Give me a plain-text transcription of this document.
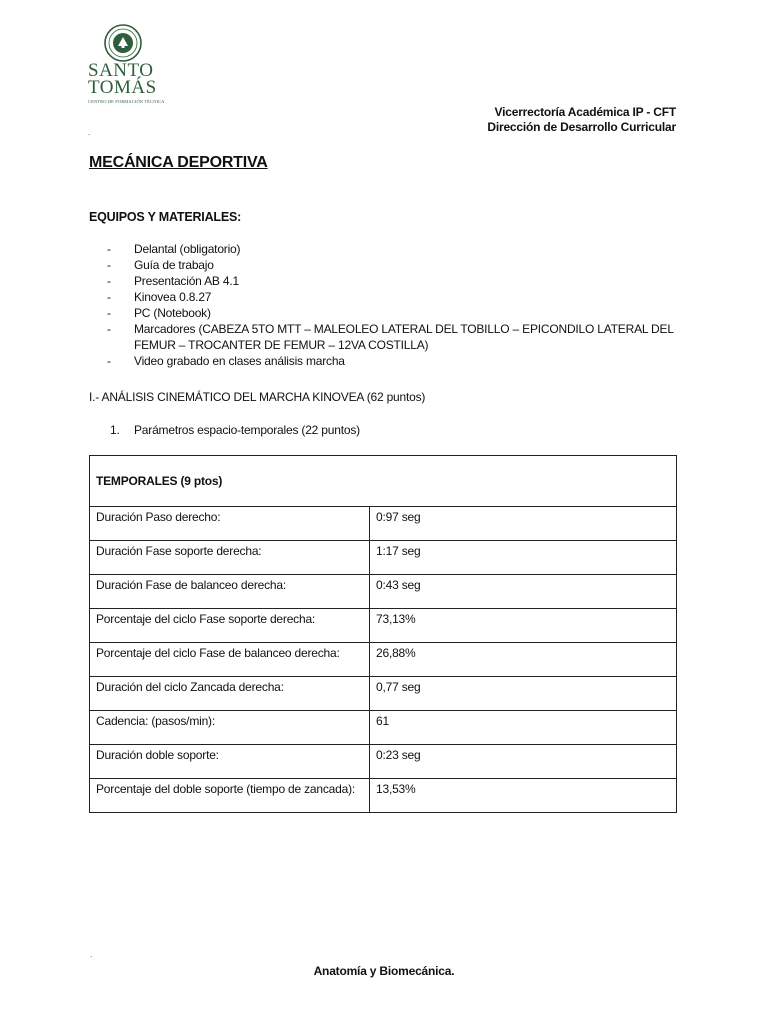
SANTO
TOMÁS
CENTRO DE FORMACIÓN TÉCNICA
.
Vicerrectoría Académica IP - CFT
Dirección de Desarrollo Curricular
MECÁNICA DEPORTIVA
EQUIPOS Y MATERIALES:
- Delantal (obligatorio)
- Guía de trabajo
- Presentación AB 4.1
- Kinovea 0.8.27
- PC (Notebook)
- Marcadores (CABEZA 5TO MTT – MALEOLEO LATERAL DEL TOBILLO – EPICONDILO LATERAL DEL FEMUR – TROCANTER DE FEMUR – 12VA COSTILLA)
- Video grabado en clases análisis marcha
I.- ANÁLISIS CINEMÁTICO DEL MARCHA KINOVEA (62 puntos)
1. Parámetros espacio-temporales (22 puntos)
TEMPORALES (9 ptos)	
Duración Paso derecho:	0:97 seg
Duración Fase soporte derecha:	1:17 seg
Duración Fase de balanceo derecha:	0:43 seg
Porcentaje del ciclo Fase soporte derecha:	73,13%
Porcentaje del ciclo Fase de balanceo derecha:	26,88%
Duración del ciclo Zancada derecha:	0,77 seg
Cadencia: (pasos/min):	61
Duración doble soporte:	0:23 seg
Porcentaje del doble soporte (tiempo de zancada):	13,53%
.
Anatomía y Biomecánica.
